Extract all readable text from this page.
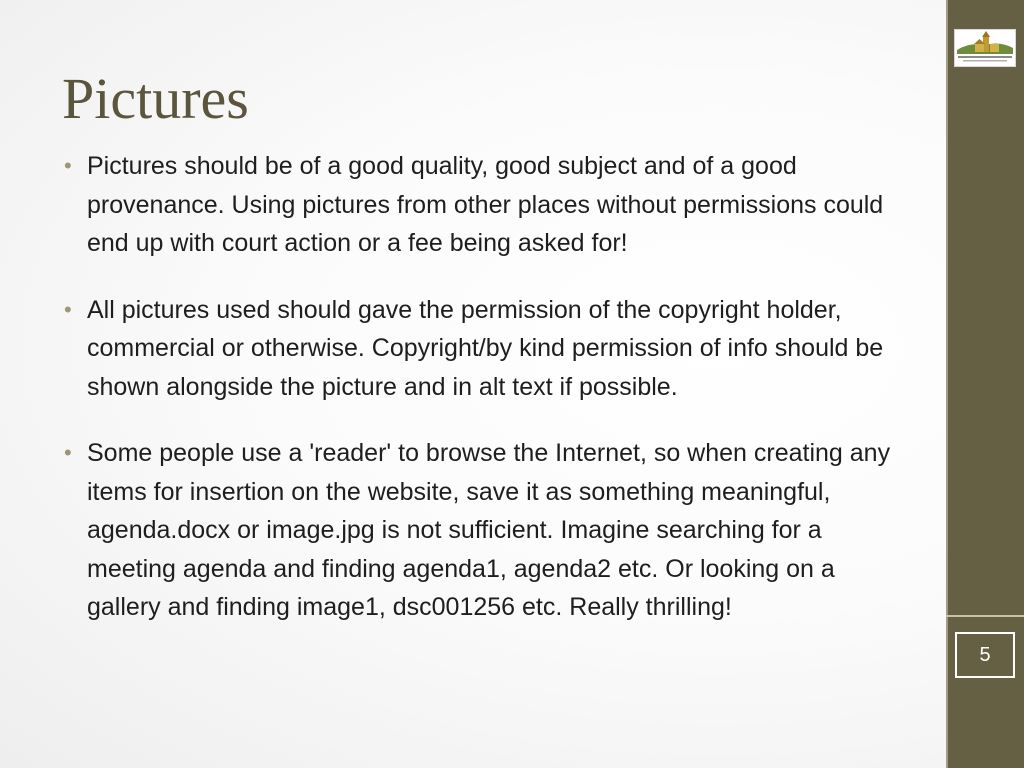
Pictures
• Pictures should be of a good quality, good subject and of a good provenance. Using pictures from other places without permissions could end up with court action or a fee being asked for!
• All pictures used should gave the permission of the copyright holder, commercial or otherwise. Copyright/by kind permission of info should be shown alongside the picture and in alt text if possible.
• Some people use a 'reader' to browse the Internet, so when creating any items for insertion on the website, save it as something meaningful, agenda.docx or image.jpg is not sufficient. Imagine searching for a meeting agenda and finding agenda1, agenda2 etc. Or looking on a gallery and finding image1, dsc001256 etc. Really thrilling!
5
